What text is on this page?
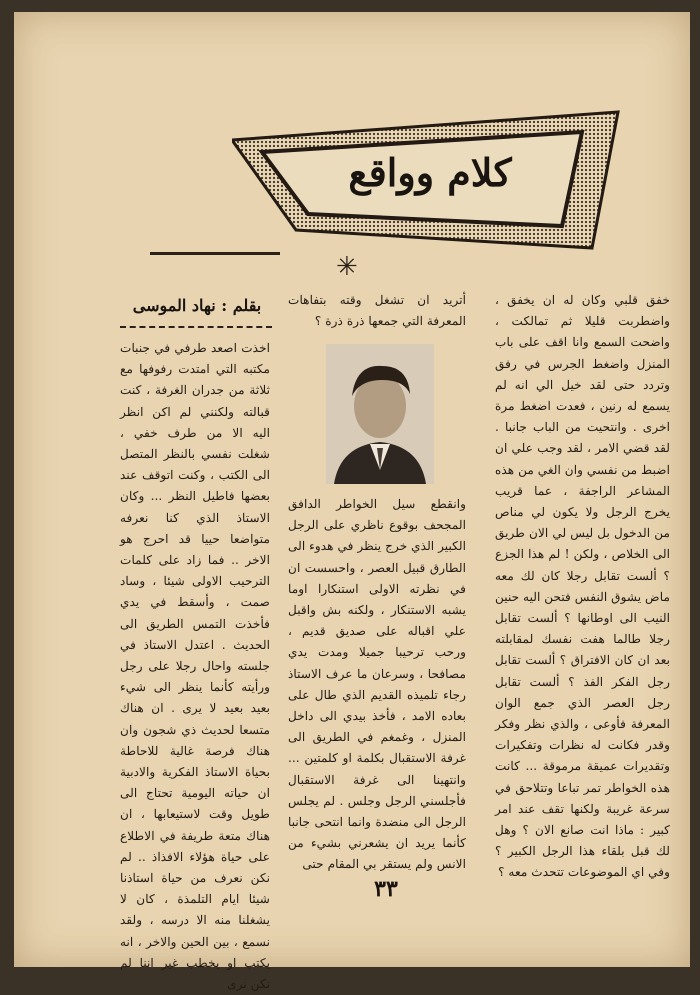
كلام وواقع
✳

خفق قلبي وكان له ان يخفق ، واضطربت قليلا ثم تمالكت ، واضحت السمع وانا اقف على باب المنزل واضغط الجرس في رفق وتردد حتى لقد خيل الي انه لم يسمع له رنين ، فعدت اضغط مرة اخرى . وانتحيت من الباب جانبا . لقد قضي الامر ، لقد وجب علي ان اضبط من نفسي وان الغي من هذه المشاعر الراجفة ، عما قريب يخرج الرجل ولا يكون لي مناص من الدخول بل ليس لي الان طريق الى الخلاص ، ولكن ! لم هذا الجزع ؟ ألست تقابل رجلا كان لك معه ماض يشوق النفس فتحن اليه حنين النيب الى اوطانها ؟ ألست تقابل رجلا طالما هفت نفسك لمقابلته بعد ان كان الافتراق ؟ ألست تقابل رجل الفكر الفذ ؟ ألست تقابل رجل العصر الذي جمع الوان المعرفة فأوعى ، والذي نظر وفكر وقدر فكانت له نظرات وتفكيرات وتقديرات عميقة مرموقة ... كانت هذه الخواطر تمر تباعا وتتلاحق في سرعة غريبة ولكنها تقف عند امر كبير : ماذا انت صانع الان ؟ وهل لك قبل بلقاء هذا الرجل الكبير ؟ وفي اي الموضوعات تتحدث معه ؟

أتريد ان تشغل وقته بتفاهات المعرفة التي جمعها ذرة ذرة ؟

وانقطع سيل الخواطر الدافق المجحف بوقوع ناظري على الرجل الكبير الذي خرج ينظر في هدوء الى الطارق قبيل العصر ، واحسست ان في نظرته الاولى استنكارا اوما يشبه الاستنكار ، ولكنه بش واقبل علي اقباله على صديق قديم ، ورحب ترحيبا جميلا ومدت يدي مصافحا ، وسرعان ما عرف الاستاذ رجاء تلميذه القديم الذي طال على بعاده الامد ، فأخذ بيدي الى داخل المنزل ، وغمغم في الطريق الى غرفة الاستقبال بكلمة او كلمتين ... وانتهينا الى غرفة الاستقبال فأجلسني الرجل وجلس . لم يجلس الرجل الى منضدة وانما انتحى جانبا كأنما يريد ان يشعرني بشيء من الانس ولم يستقر بي المقام حتى

بقلم : نهاد الموسى

اخذت اصعد طرفي في جنبات مكتبه التي امتدت رفوفها مع ثلاثة من جدران الغرفة ، كنت قبالته ولكنني لم اكن انظر اليه الا من طرف خفي ، شغلت نفسي بالنظر المتصل الى الكتب ، وكنت اتوقف عند بعضها فاطيل النظر ... وكان الاستاذ الذي كنا نعرفه متواضعا حييا قد احرج هو الاخر .. فما زاد على كلمات الترحيب الاولى شيئا ، وساد صمت ، وأسقط في يدي فأخذت التمس الطريق الى الحديث . اعتدل الاستاذ في جلسته واحال رجلا على رجل ورأيته كأنما ينظر الى شيء بعيد بعيد لا يرى . ان هناك متسعا لحديث ذي شجون وان هناك فرصة غالية للاحاطة بحياة الاستاذ الفكرية والادبية ان حياته اليومية تحتاج الى طويل وقت لاستيعابها ، ان هناك متعة طريفة في الاطلاع على حياة هؤلاء الافذاذ .. لم نكن نعرف من حياة استاذنا شيئا ايام التلمذة ، كان لا يشغلنا منه الا درسه ، ولقد نسمع ، بين الحين والاخر ، انه يكتب او يخطب غير اننا لم نكن نرى

٣٣
